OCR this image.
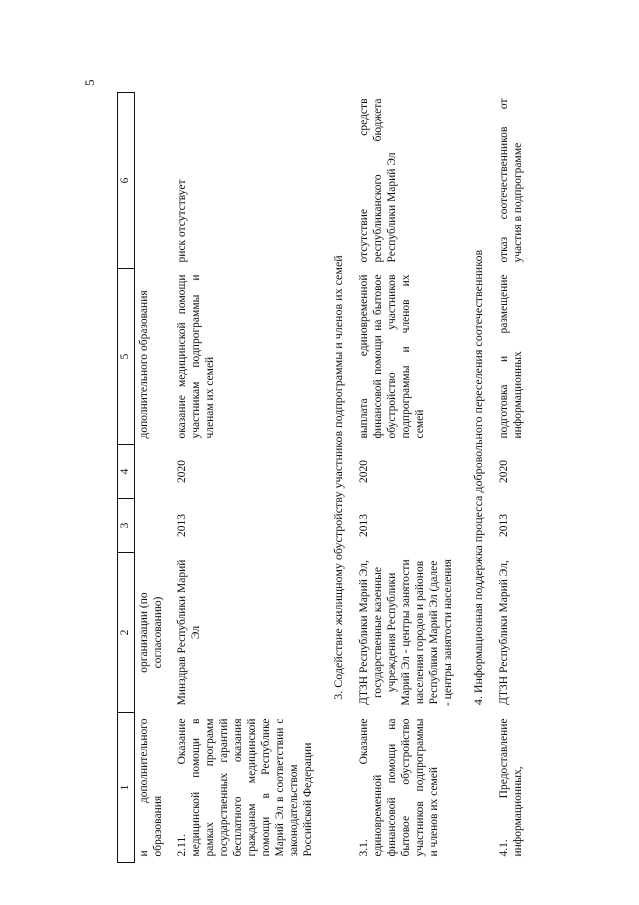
5
1	2	3	4	5	6
и дополнительного образования	организации (по согласованию)			дополнительного образования	
2.11. Оказание медицинской помощи в рамках программ государственных гарантий бесплатного оказания гражданам медицинской помощи в Республике Марий Эл в соответствии с законодательством Российской Федерации	Минздрав Республики Марий Эл	2013	2020	оказание медицинской помощи участникам подпрограммы и членам их семей	риск отсутствует
3. Содействие жилищному обустройству участников подпрограммы и членов их семей					
3.1. Оказание единовременной финансовой помощи на бытовое обустройство участников подпрограммы и членов их семей	ДТЗН Республики Марий Эл, государственные казенные учреждения Республики Марий Эл - центры занятости населения городов и районов Республики Марий Эл (далее - центры занятости населения	2013	2020	выплата единовременной финансовой помощи на бытовое обустройство участников подпрограммы и членов их семей	отсутствие средств республиканского бюджета Республики Марий Эл
4. Информационная поддержка процесса добровольного переселения соотечественников					
4.1. Предоставление информационных,	ДТЗН Республики Марий Эл,	2013	2020	подготовка и размещение информационных	отказ соотечественников от участия в подпрограмме
